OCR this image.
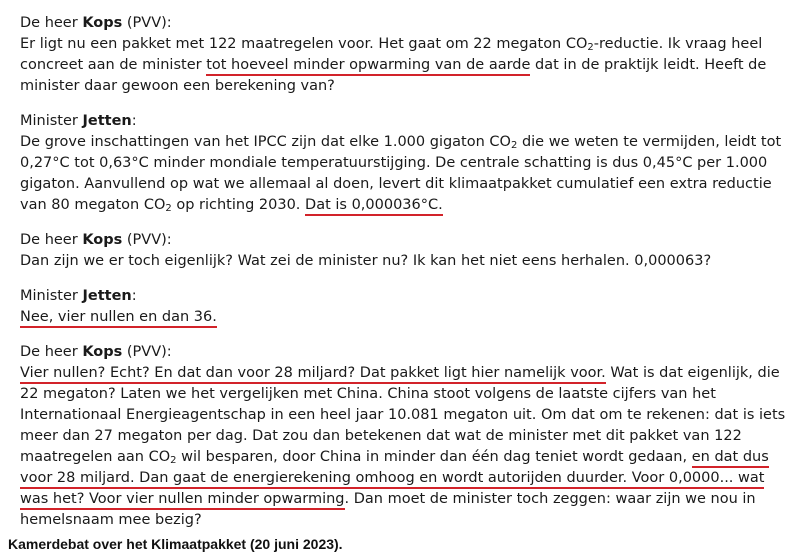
De heer Kops (PVV):

Er ligt nu een pakket met 122 maatregelen voor. Het gaat om 22 megaton $CO_2$-reductie. Ik vraag heel concreet aan de minister tot hoeveel minder opwarming van de aarde dat in de praktijk leidt. Heeft de minister daar gewoon een berekening van?

Minister Jetten:

De grove inschattingen van het IPCC zijn dat elke 1.000 gigaton $CO_2$ die we weten te vermijden, leidt tot 0,27°C tot 0,63°C minder mondiale temperatuurstijging. De centrale schatting is dus 0,45°C per 1.000 gigaton. Aanvullend op wat we allemaal al doen, levert dit klimaatpakket cumulatief een extra reductie van 80 megaton $CO_2$ op richting 2030. Dat is 0,000036°C.

De heer Kops (PVV):

Dan zijn we er toch eigenlijk? Wat zei de minister nu? Ik kan het niet eens herhalen. 0,000063?

Minister Jetten:

Nee, vier nullen en dan 36.

De heer Kops (PVV):

Vier nullen? Echt? En dat dan voor 28 miljard? Dat pakket ligt hier namelijk voor. Wat is dat eigenlijk, die 22 megaton? Laten we het vergelijken met China. China stoot volgens de laatste cijfers van het Internationaal Energieagentschap in een heel jaar 10.081 megaton uit. Om dat om te rekenen: dat is iets meer dan 27 megaton per dag. Dat zou dan betekenen dat wat de minister met dit pakket van 122 maatregelen aan $CO_2$ wil besparen, door China in minder dan één dag teniet wordt gedaan, en dat dus voor 28 miljard. Dan gaat de energierekening omhoog en wordt autorijden duurder. Voor 0,0000... wat was het? Voor vier nullen minder opwarming. Dan moet de minister toch zeggen: waar zijn we nou in hemelsnaam mee bezig?

Kamerdebat over het Klimaatpakket (20 juni 2023).
